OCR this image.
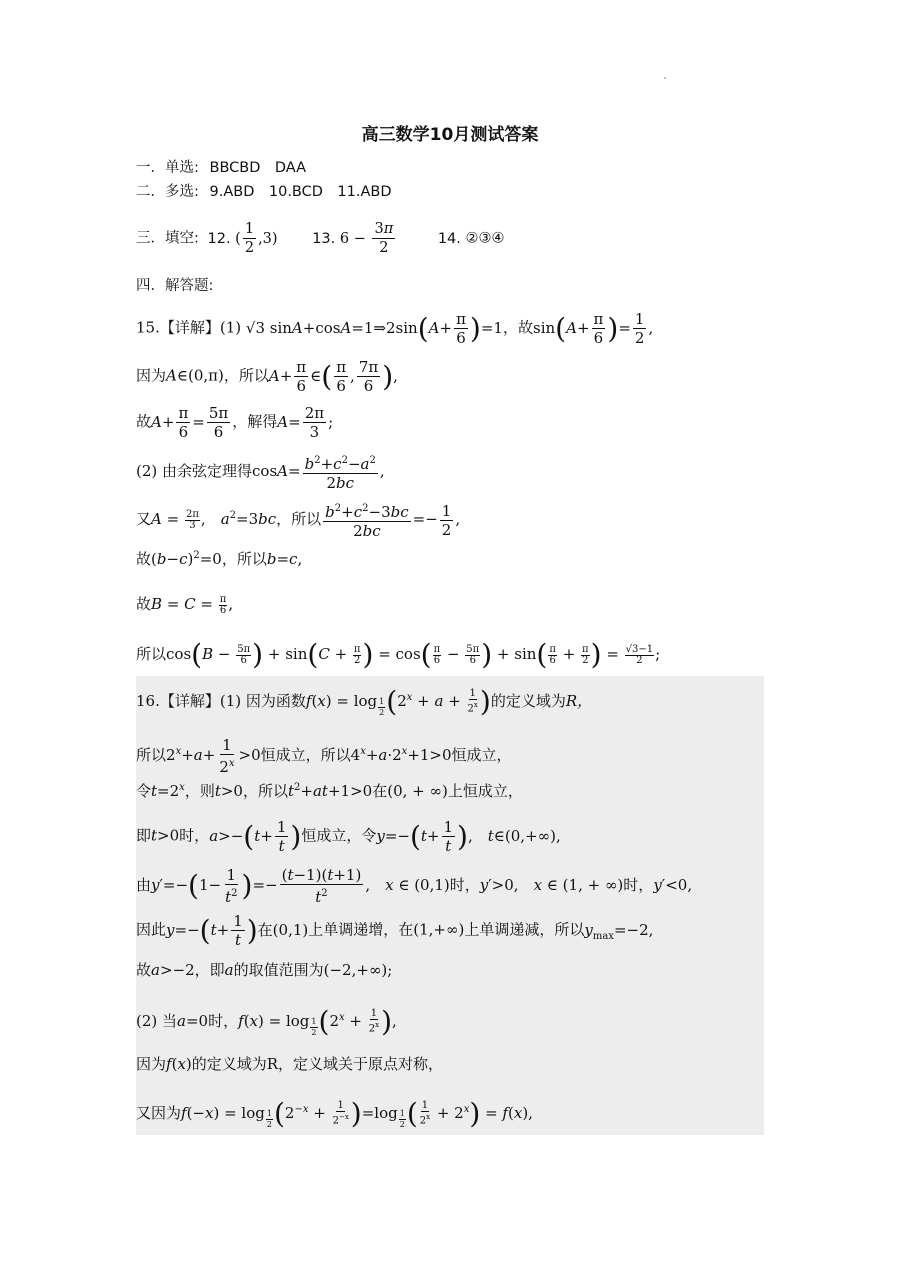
高三数学10月测试答案
一．单选: BBCBD　DAA
二．多选: 9.ABD　10.BCD　11.ABD
三．填空: 12. ( $\frac{1}{2} ,3$) 13. $6 - \frac{3\pi}{2}$	14. ②③④
四．解答题:
15.【详解】(1) √3 sinA+cosA=1⇒2sin(A+ $\frac{\pi}{6} )=1$，故$\sin(A+ \frac{\pi}{6}$ )= $\frac{1}{2}$ ,
因为A∈(0,π)，所以$A+ \frac{\pi}{6}$ ∈( $\frac{\pi}{6}$ , $\frac{7\pi}{6}$ ),
故$A+ \frac{\pi}{6} = \frac{5\pi}{6}$ ，解得$A= \frac{2\pi}{3}$ ;
(2) 由余弦定理得$\cos A= \frac{b^2+c^2-a^2}{2bc}$ ,
又$A = \frac{2\pi}{3}$ ,　$a^2=3bc$，所以 $\frac{b^2+c^2-3bc}{2bc} =- \frac{1}{2}$ ,
故$(b-c)^2=0$，所以b=c,
故$B = C = \frac{\pi}{6}$ ,
所以$\cos(B - \frac{5\pi}{6}$ ) + $\sin(C + \frac{\pi}{2}$ ) = $\cos( \frac{\pi}{6} - \frac{5\pi}{6}$ ) + $\sin( \frac{\pi}{6} + \frac{\pi}{2}$ ) = $\frac{√3-1}{2}$ ;
16.【详解】(1) 因为函数f(x) = log $_{\frac{1}{2}}$ ($2^x + a + \frac{1}{2^x}$ )的定义域为R，
所以$2^x+a+ \frac{1}{2^x} >0$恒成立，所以$4^x+a\cdot 2^x+1>0$恒成立，
令$t=2^x$，则t>0，所以$t^2+at+1>0$在(0, + ∞)上恒成立，
即t>0时，$a>-(t+ \frac{1}{t}$ )恒成立，令$y=-(t+ \frac{1}{t}$ ),　t∈(0,+∞),
由$y'=-(1- \frac{1}{t^2}$ )=− $\frac{(t-1)(t+1)}{t^2}$ ,　x ∈ (0,1)时，y′>0,　x ∈ (1, + ∞)时，y′<0,
因此$y=-(t+ \frac{1}{t}$ )在(0,1)上单调递增，在(1,+∞)上单调递减，所以$y_{max}=-2$,
故a>−2，即a的取值范围为(−2,+∞);
(2) 当a=0时，f(x) = log $_{\frac{1}{2}}$ ($2^x + \frac{1}{2^x}$ ),
因为f(x)的定义域为R，定义域关于原点对称，
又因为f(−x) = log $_{\frac{1}{2}}$ $(2^{-x} + \frac{1}{2^{-x}} )=\log$ $_{\frac{1}{2}}$ ( $\frac{1}{2^x} + 2^x) = f(x)$,
